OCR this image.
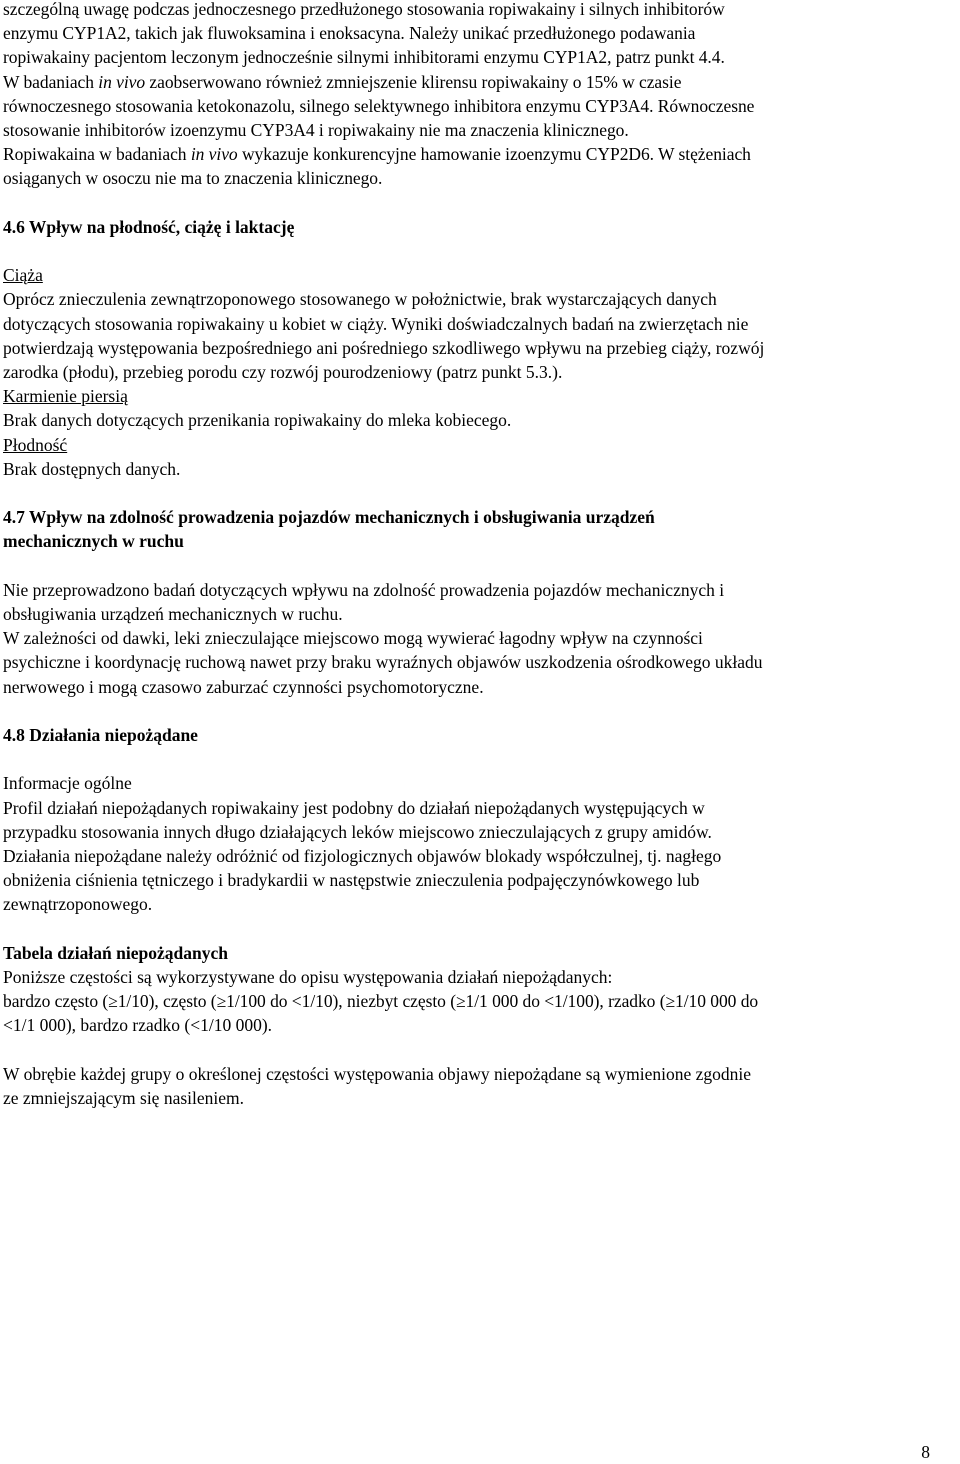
szczególną uwagę podczas jednoczesnego przedłużonego stosowania ropiwakainy i silnych inhibitorów

enzymu CYP1A2, takich jak fluwoksamina i enoksacyna. Należy unikać przedłużonego podawania

ropiwakainy pacjentom leczonym jednocześnie silnymi inhibitorami enzymu CYP1A2, patrz punkt 4.4.

W badaniach in vivo zaobserwowano również zmniejszenie klirensu ropiwakainy o 15% w czasie

równoczesnego stosowania ketokonazolu, silnego selektywnego inhibitora enzymu CYP3A4. Równoczesne

stosowanie inhibitorów izoenzymu CYP3A4 i ropiwakainy nie ma znaczenia klinicznego.

Ropiwakaina w badaniach in vivo wykazuje konkurencyjne hamowanie izoenzymu CYP2D6. W stężeniach

osiąganych w osoczu nie ma to znaczenia klinicznego.

4.6 Wpływ na płodność, ciążę i laktację

Ciąża

Oprócz znieczulenia zewnątrzoponowego stosowanego w położnictwie, brak wystarczających danych

dotyczących stosowania ropiwakainy u kobiet w ciąży. Wyniki doświadczalnych badań na zwierzętach nie

potwierdzają występowania bezpośredniego ani pośredniego szkodliwego wpływu na przebieg ciąży, rozwój

zarodka (płodu), przebieg porodu czy rozwój pourodzeniowy (patrz punkt 5.3.).

Karmienie piersią

Brak danych dotyczących przenikania ropiwakainy do mleka kobiecego.

Płodność

Brak dostępnych danych.

4.7 Wpływ na zdolność prowadzenia pojazdów mechanicznych i obsługiwania urządzeń

mechanicznych w ruchu

Nie przeprowadzono badań dotyczących wpływu na zdolność prowadzenia pojazdów mechanicznych i

obsługiwania urządzeń mechanicznych w ruchu.

W zależności od dawki, leki znieczulające miejscowo mogą wywierać łagodny wpływ na czynności

psychiczne i koordynację ruchową nawet przy braku wyraźnych objawów uszkodzenia ośrodkowego układu

nerwowego i mogą czasowo zaburzać czynności psychomotoryczne.

4.8 Działania niepożądane

Informacje ogólne

Profil działań niepożądanych ropiwakainy jest podobny do działań niepożądanych występujących w

przypadku stosowania innych długo działających leków miejscowo znieczulających z grupy amidów.

Działania niepożądane należy odróżnić od fizjologicznych objawów blokady współczulnej, tj. nagłego

obniżenia ciśnienia tętniczego i bradykardii w następstwie znieczulenia podpajęczynówkowego lub

zewnątrzoponowego.

Tabela działań niepożądanych

Poniższe częstości są wykorzystywane do opisu występowania działań niepożądanych:

bardzo często (≥1/10), często (≥1/100 do <1/10), niezbyt często (≥1/1 000 do <1/100), rzadko (≥1/10 000 do

<1/1 000), bardzo rzadko (<1/10 000).

W obrębie każdej grupy o określonej częstości występowania objawy niepożądane są wymienione zgodnie

ze zmniejszającym się nasileniem.

8
